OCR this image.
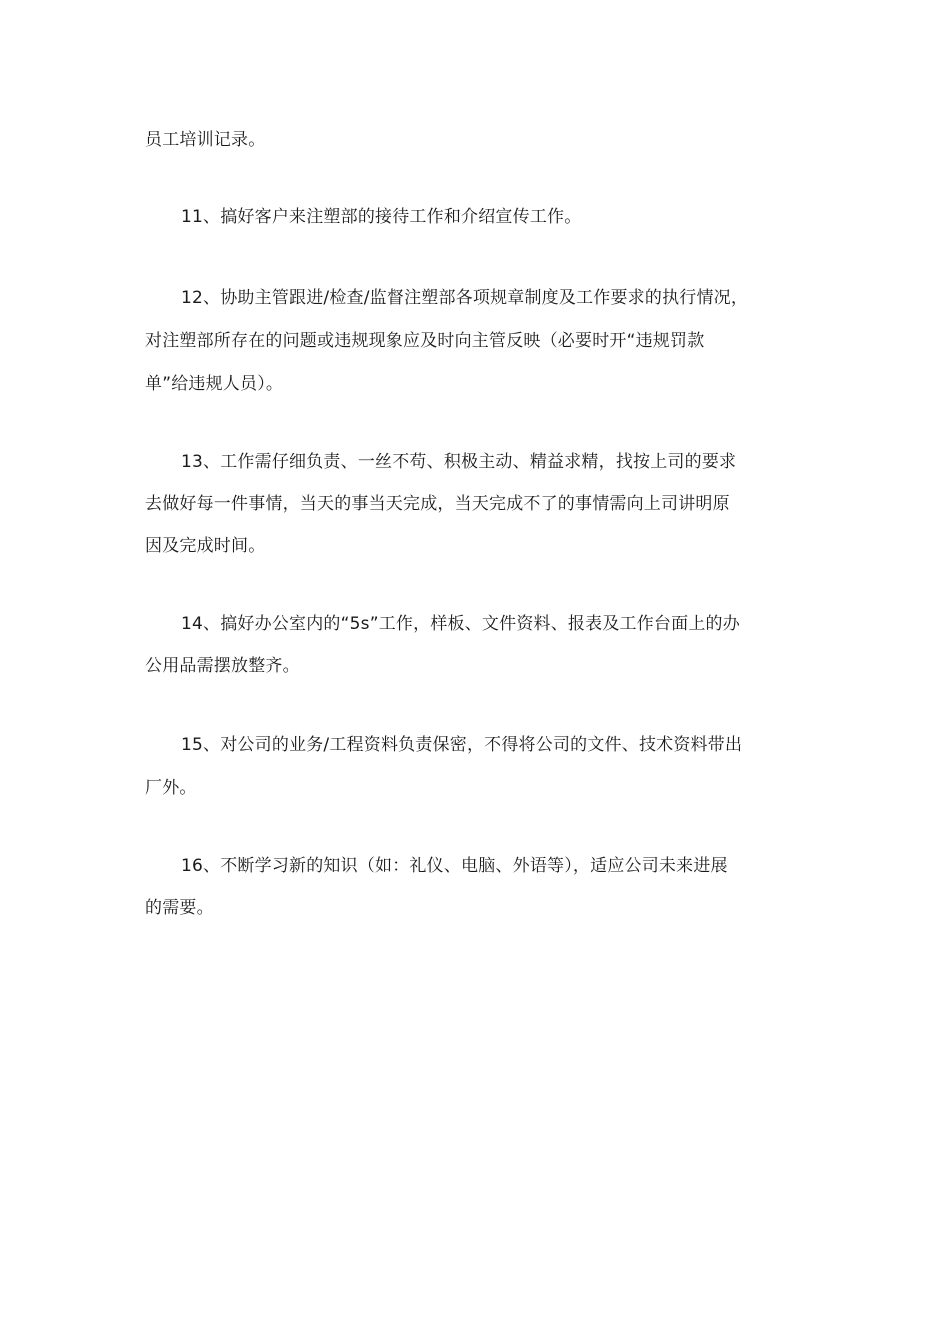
员工培训记录。
11、搞好客户来注塑部的接待工作和介绍宣传工作。
12、协助主管跟进/检查/监督注塑部各项规章制度及工作要求的执行情况，
对注塑部所存在的问题或违规现象应及时向主管反映（必要时开“违规罚款
单”给违规人员）。
13、工作需仔细负责、一丝不苟、积极主动、精益求精，找按上司的要求
去做好每一件事情，当天的事当天完成，当天完成不了的事情需向上司讲明原
因及完成时间。
14、搞好办公室内的“5s”工作，样板、文件资料、报表及工作台面上的办
公用品需摆放整齐。
15、对公司的业务/工程资料负责保密，不得将公司的文件、技术资料带出
厂外。
16、不断学习新的知识（如：礼仪、电脑、外语等），适应公司未来进展
的需要。
